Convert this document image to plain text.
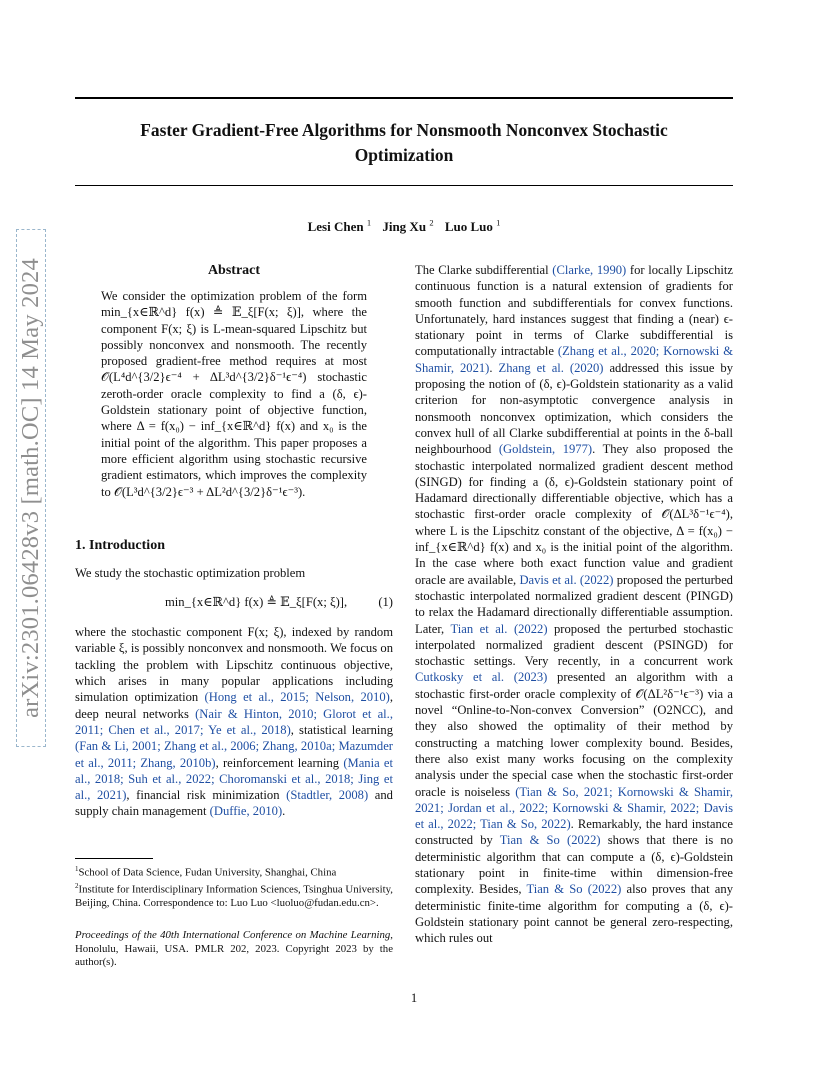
arXiv:2301.06428v3 [math.OC] 14 May 2024
Faster Gradient-Free Algorithms for Nonsmooth Nonconvex Stochastic
Optimization
Lesi Chen $^1$ Jing Xu $^2$ Luo Luo $^1$
Abstract

We consider the optimization problem of the form min_{x∈ℝ^d} f(x) ≜ 𝔼_ξ[F(x; ξ)], where the component F(x; ξ) is L-mean-squared Lipschitz but possibly nonconvex and nonsmooth. The recently proposed gradient-free method requires at most 𝒪(L⁴d^{3/2}ϵ⁻⁴ + ΔL³d^{3/2}δ⁻¹ϵ⁻⁴) stochastic zeroth-order oracle complexity to find a (δ, ϵ)-Goldstein stationary point of objective function, where Δ = f(x₀) − inf_{x∈ℝ^d} f(x) and x₀ is the initial point of the algorithm. This paper proposes a more efficient algorithm using stochastic recursive gradient estimators, which improves the complexity to 𝒪(L³d^{3/2}ϵ⁻³ + ΔL²d^{3/2}δ⁻¹ϵ⁻³).

1. Introduction

We study the stochastic optimization problem

min_{x∈ℝ^d} f(x) ≜ 𝔼_ξ[F(x; ξ)], (1)

where the stochastic component F(x; ξ), indexed by random variable ξ, is possibly nonconvex and nonsmooth. We focus on tackling the problem with Lipschitz continuous objective, which arises in many popular applications including simulation optimization (Hong et al., 2015; Nelson, 2010), deep neural networks (Nair & Hinton, 2010; Glorot et al., 2011; Chen et al., 2017; Ye et al., 2018), statistical learning (Fan & Li, 2001; Zhang et al., 2006; Zhang, 2010a; Mazumder et al., 2011; Zhang, 2010b), reinforcement learning (Mania et al., 2018; Suh et al., 2022; Choromanski et al., 2018; Jing et al., 2021), financial risk minimization (Stadtler, 2008) and supply chain management (Duffie, 2010).

$^1$School of Data Science, Fudan University, Shanghai, China
$^2$Institute for Interdisciplinary Information Sciences, Tsinghua University, Beijing, China. Correspondence to: Luo Luo <luoluo@fudan.edu.cn>.

Proceedings of the 40th International Conference on Machine Learning, Honolulu, Hawaii, USA. PMLR 202, 2023. Copyright 2023 by the author(s).

The Clarke subdifferential (Clarke, 1990) for locally Lipschitz continuous function is a natural extension of gradients for smooth function and subdifferentials for convex functions. Unfortunately, hard instances suggest that finding a (near) ϵ-stationary point in terms of Clarke subdifferential is computationally intractable (Zhang et al., 2020; Kornowski & Shamir, 2021). Zhang et al. (2020) addressed this issue by proposing the notion of (δ, ϵ)-Goldstein stationarity as a valid criterion for non-asymptotic convergence analysis in nonsmooth nonconvex optimization, which considers the convex hull of all Clarke subdifferential at points in the δ-ball neighbourhood (Goldstein, 1977). They also proposed the stochastic interpolated normalized gradient descent method (SINGD) for finding a (δ, ϵ)-Goldstein stationary point of Hadamard directionally differentiable objective, which has a stochastic first-order oracle complexity of 𝒪(ΔL³δ⁻¹ϵ⁻⁴), where L is the Lipschitz constant of the objective, Δ = f(x₀) − inf_{x∈ℝ^d} f(x) and x₀ is the initial point of the algorithm. In the case where both exact function value and gradient oracle are available, Davis et al. (2022) proposed the perturbed stochastic interpolated normalized gradient descent (PINGD) to relax the Hadamard directionally differentiable assumption. Later, Tian et al. (2022) proposed the perturbed stochastic interpolated normalized gradient descent (PSINGD) for stochastic settings. Very recently, in a concurrent work Cutkosky et al. (2023) presented an algorithm with a stochastic first-order oracle complexity of 𝒪(ΔL²δ⁻¹ϵ⁻³) via a novel “Online-to-Non-convex Conversion” (O2NCC), and they also showed the optimality of their method by constructing a matching lower complexity bound. Besides, there also exist many works focusing on the complexity analysis under the special case when the stochastic first-order oracle is noiseless (Tian & So, 2021; Kornowski & Shamir, 2021; Jordan et al., 2022; Kornowski & Shamir, 2022; Davis et al., 2022; Tian & So, 2022). Remarkably, the hard instance constructed by Tian & So (2022) shows that there is no deterministic algorithm that can compute a (δ, ϵ)-Goldstein stationary point in finite-time within dimension-free complexity. Besides, Tian & So (2022) also proves that any deterministic finite-time algorithm for computing a (δ, ϵ)-Goldstein stationary point cannot be general zero-respecting, which rules out

1
